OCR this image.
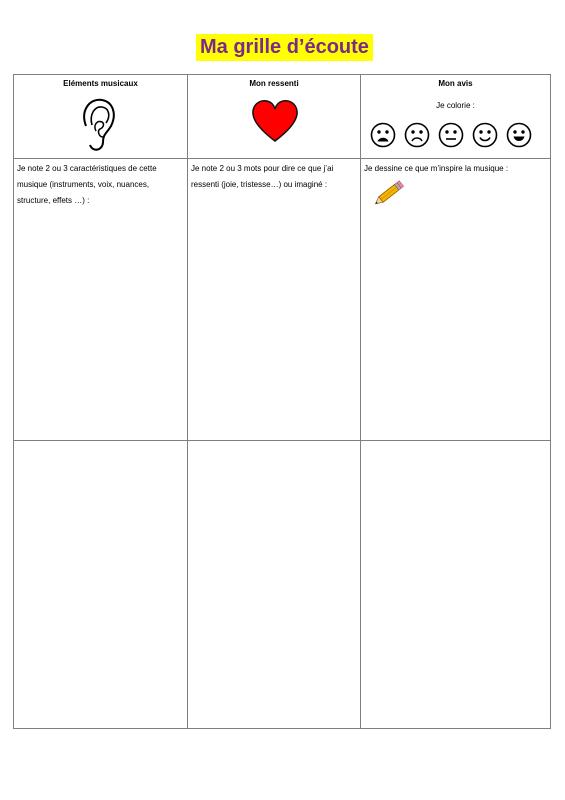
Ma grille d’écoute
Eléments musicaux	Mon ressenti	Mon avis
Je colorie :
Je note 2 ou 3 caractéristiques de cette musique (instruments, voix, nuances, structure, effets …) :
Je note 2 ou 3 mots pour dire ce que j’ai ressenti (joie, tristesse…) ou imaginé :
Je dessine ce que m’inspire la musique :
